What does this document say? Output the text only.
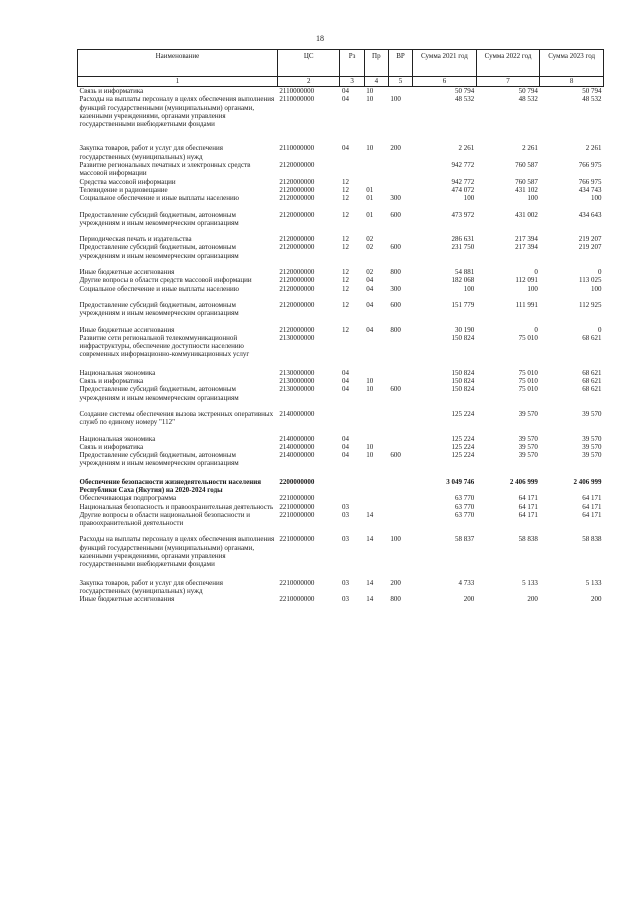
18
Наименование	ЦС	Рз	Пр	ВР	Сумма 2021 год	Сумма 2022 год	Сумма 2023 год
1	2	3	4	5	6	7	8
Связь и информатика	2110000000	04	10		50 794	50 794	50 794
Расходы на выплаты персоналу в целях обеспечения выполнения функций государственными (муниципальными) органами, казенными учреждениями, органами управления государственными внебюджетными фондами	2110000000	04	10	100	48 532	48 532	48 532
Закупка товаров, работ и услуг для обеспечения государственных (муниципальных) нужд	2110000000	04	10	200	2 261	2 261	2 261
Развитие региональных печатных и электронных средств массовой информации	2120000000				942 772	760 587	766 975
Средства массовой информации	2120000000	12			942 772	760 587	766 975
Телевидение и радиовещание	2120000000	12	01		474 072	431 102	434 743
Социальное обеспечение и иные выплаты населению	2120000000	12	01	300	100	100	100
Предоставление субсидий бюджетным, автономным учреждениям и иным некоммерческим организациям	2120000000	12	01	600	473 972	431 002	434 643
Периодическая печать и издательства	2120000000	12	02		286 631	217 394	219 207
Предоставление субсидий бюджетным, автономным учреждениям и иным некоммерческим организациям	2120000000	12	02	600	231 750	217 394	219 207
Иные бюджетные ассигнования	2120000000	12	02	800	54 881	0	0
Другие вопросы в области средств массовой информации	2120000000	12	04		182 068	112 091	113 025
Социальное обеспечение и иные выплаты населению	2120000000	12	04	300	100	100	100
Предоставление субсидий бюджетным, автономным учреждениям и иным некоммерческим организациям	2120000000	12	04	600	151 779	111 991	112 925
Иные бюджетные ассигнования	2120000000	12	04	800	30 190	0	0
Развитие сети региональной телекоммуникационной инфраструктуры, обеспечение доступности населению современных информационно-коммуникационных услуг	2130000000				150 824	75 010	68 621
Национальная экономика	2130000000	04			150 824	75 010	68 621
Связь и информатика	2130000000	04	10		150 824	75 010	68 621
Предоставление субсидий бюджетным, автономным учреждениям и иным некоммерческим организациям	2130000000	04	10	600	150 824	75 010	68 621
Создание системы обеспечения вызова экстренных оперативных служб по единому номеру "112"	2140000000				125 224	39 570	39 570
Национальная экономика	2140000000	04			125 224	39 570	39 570
Связь и информатика	2140000000	04	10		125 224	39 570	39 570
Предоставление субсидий бюджетным, автономным учреждениям и иным некоммерческим организациям	2140000000	04	10	600	125 224	39 570	39 570
Обеспечение безопасности жизнедеятельности населения Республики Саха (Якутия) на 2020-2024 годы	2200000000				3 049 746	2 406 999	2 406 999
Обеспечивающая подпрограмма	2210000000				63 770	64 171	64 171
Национальная безопасность и правоохранительная деятельность	2210000000	03			63 770	64 171	64 171
Другие вопросы в области национальной безопасности и правоохранительной деятельности	2210000000	03	14		63 770	64 171	64 171
Расходы на выплаты персоналу в целях обеспечения выполнения функций государственными (муниципальными) органами, казенными учреждениями, органами управления государственными внебюджетными фондами	2210000000	03	14	100	58 837	58 838	58 838
Закупка товаров, работ и услуг для обеспечения государственных (муниципальных) нужд	2210000000	03	14	200	4 733	5 133	5 133
Иные бюджетные ассигнования	2210000000	03	14	800	200	200	200
